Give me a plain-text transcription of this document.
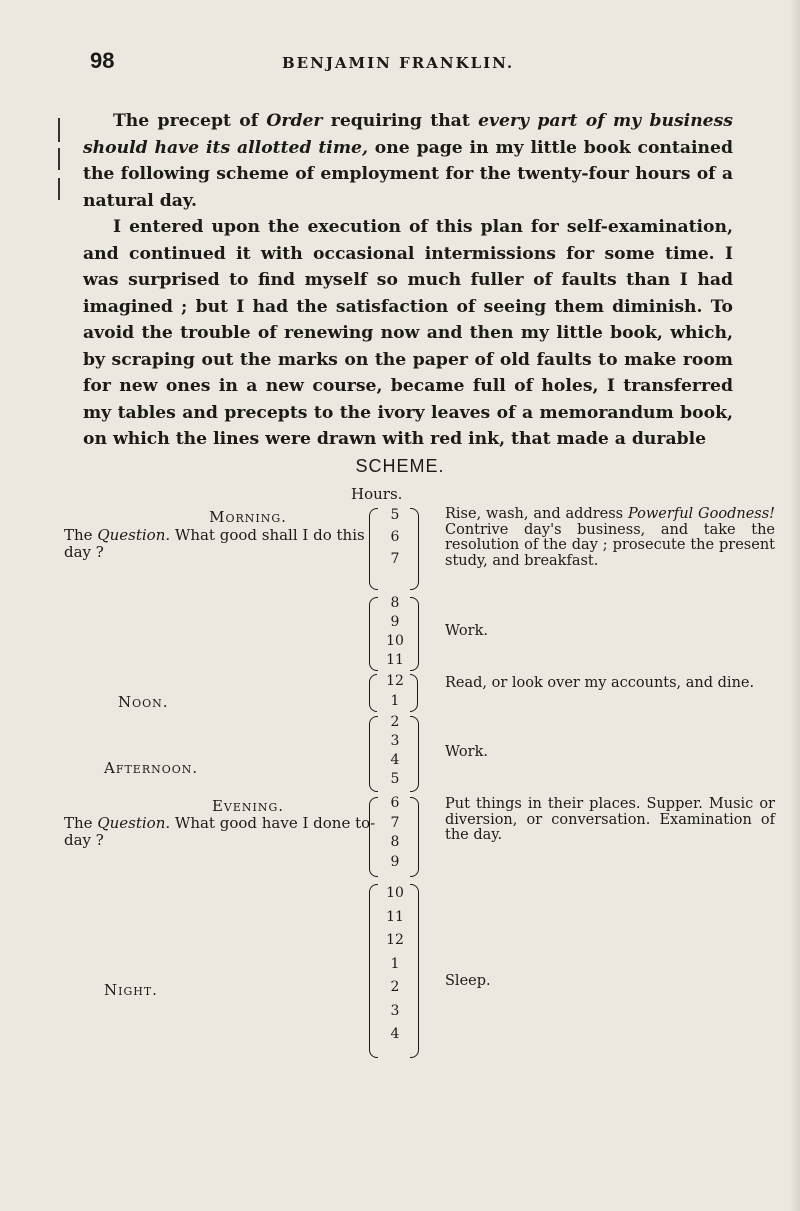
98	BENJAMIN FRANKLIN.

The precept of Order requiring that every part of my business should have its allotted time, one page in my little book contained the following scheme of employment for the twenty-four hours of a natural day.

I entered upon the execution of this plan for self-examination, and continued it with occasional intermissions for some time. I was surprised to find myself so much fuller of faults than I had imagined ; but I had the satisfaction of seeing them diminish. To avoid the trouble of renewing now and then my little book, which, by scraping out the marks on the paper of old faults to make room for new ones in a new course, became full of holes, I transferred my tables and precepts to the ivory leaves of a memorandum book, on which the lines were drawn with red ink, that made a durable

SCHEME.
Hours.
Morning.
The Question. What good shall I do this day ?
5
6
7
Rise, wash, and address Powerful Goodness! Contrive day's business, and take the resolution of the day ; prosecute the present study, and breakfast.
8
9
10
11
Work.
Noon.
12
1
Read, or look over my accounts, and dine.
Afternoon.
2
3
4
5
Work.
Evening.
The Question. What good have I done to-day ?
6
7
8
9
Put things in their places. Supper. Music or diversion, or conversation. Examination of the day.
Night.
10
11
12
1
2
3
4
Sleep.
